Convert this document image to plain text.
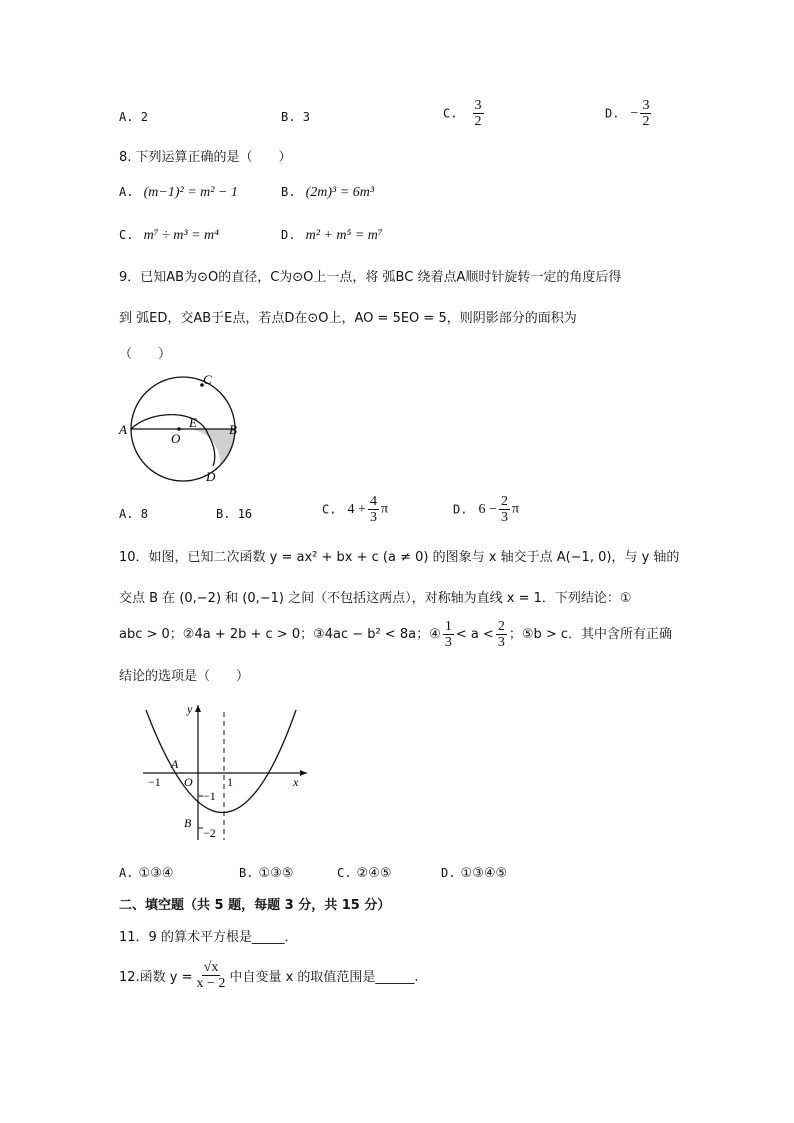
A. 2	B. 3	C. $\frac{3}{2}$	D. − $\frac{3}{2}$
8. 下列运算正确的是（　　）
A. (m−1)² = m² − 1	B. (2m)³ = 6m³
C. m⁷ ÷ m³ = m⁴	D. m² + m⁵ = m⁷
9．已知AB为⊙O的直径，C为⊙O上一点，将 弧BC 绕着点A顺时针旋转一定的角度后得
到 弧ED，交AB于E点，若点D在⊙O上，AO = 5EO = 5，则阴影部分的面积为
（　　）
C
A	B
E
O
D
A. 8	B. 16	C. $4 + \frac{4}{3}$ π	D. $6 - \frac{2}{3}$ π
10．如图，已知二次函数 y = ax² + bx + c (a ≠ 0) 的图象与 x 轴交于点 A(−1, 0)，与 y 轴的
交点 B 在 (0,−2) 和 (0,−1) 之间（不包括这两点），对称轴为直线 x = 1．下列结论：①
abc > 0；②4a + 2b + c > 0；③4ac − b² < 8a；④ $\frac{1}{3} < a < \frac{2}{3}$ ；⑤b > c．其中含所有正确
结论的选项是（　　）
y
x
A
−1 O	1
−1
B
−2
A. ①③④	B. ①③⑤	C. ②④⑤	D. ①③④⑤
二、填空题（共 5 题，每题 3 分，共 15 分）
11．9 的算术平方根是_____．
12.函数 $y = \frac{√x}{x - 2}$ 中自变量 x 的取值范围是______.
